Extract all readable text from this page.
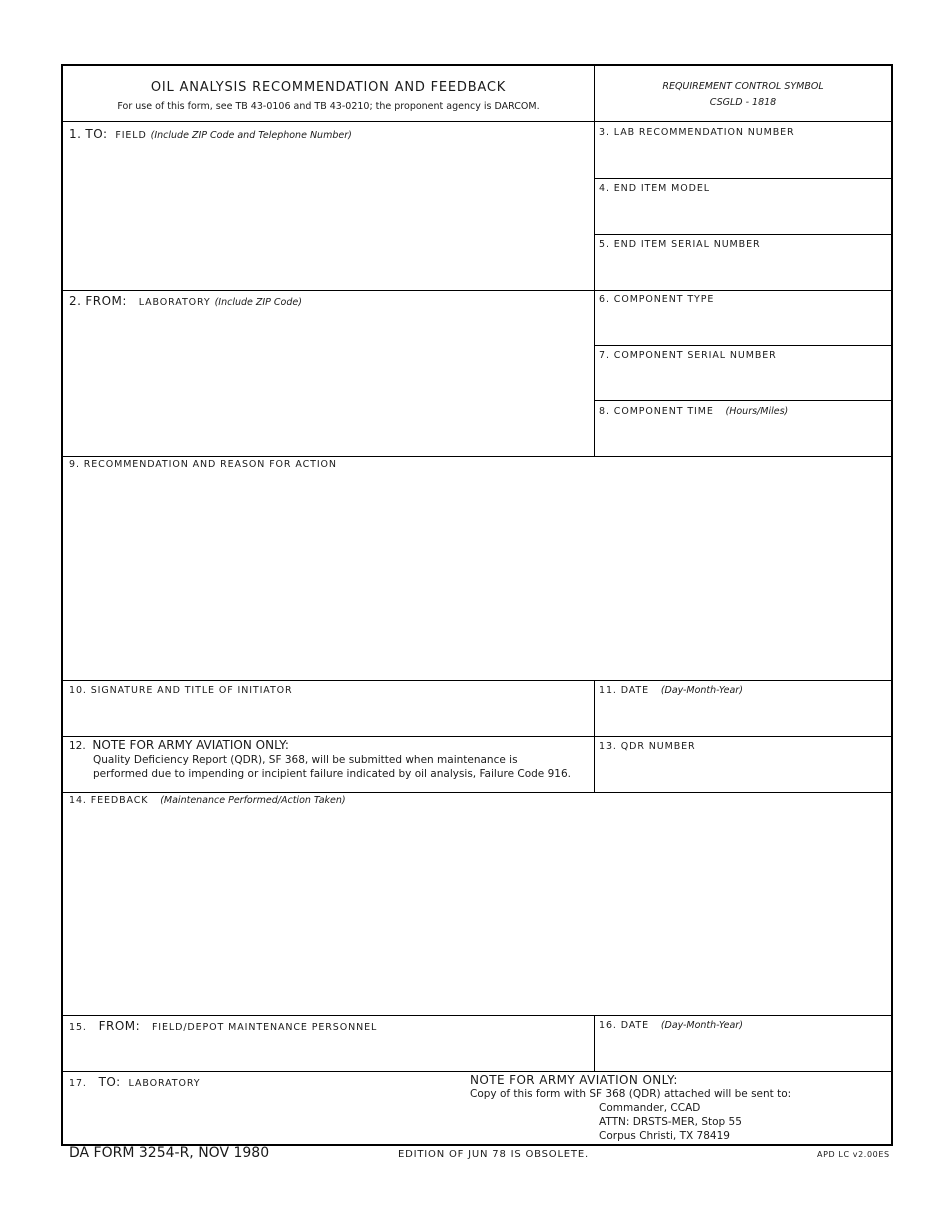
OIL ANALYSIS RECOMMENDATION AND FEEDBACK
For use of this form, see TB 43-0106 and TB 43-0210; the proponent agency is DARCOM.
REQUIREMENT CONTROL SYMBOL
CSGLD - 1818
1. TO: FIELD (Include ZIP Code and Telephone Number)
2. FROM: LABORATORY (Include ZIP Code)
3. LAB RECOMMENDATION NUMBER
4. END ITEM MODEL
5. END ITEM SERIAL NUMBER
6. COMPONENT TYPE
7. COMPONENT SERIAL NUMBER
8. COMPONENT TIME (Hours/Miles)
9. RECOMMENDATION AND REASON FOR ACTION
10. SIGNATURE AND TITLE OF INITIATOR	11. DATE (Day-Month-Year)
12. NOTE FOR ARMY AVIATION ONLY:
Quality Deficiency Report (QDR), SF 368, will be submitted when maintenance is
performed due to impending or incipient failure indicated by oil analysis, Failure Code 916.
13. QDR NUMBER
14. FEEDBACK (Maintenance Performed/Action Taken)
15. FROM: FIELD/DEPOT MAINTENANCE PERSONNEL	16. DATE (Day-Month-Year)
17. TO: LABORATORY	NOTE FOR ARMY AVIATION ONLY:
Copy of this form with SF 368 (QDR) attached will be sent to:
Commander, CCAD
ATTN: DRSTS-MER, Stop 55
Corpus Christi, TX 78419
DA FORM 3254-R, NOV 1980	EDITION OF JUN 78 IS OBSOLETE.	APD LC v2.00ES
